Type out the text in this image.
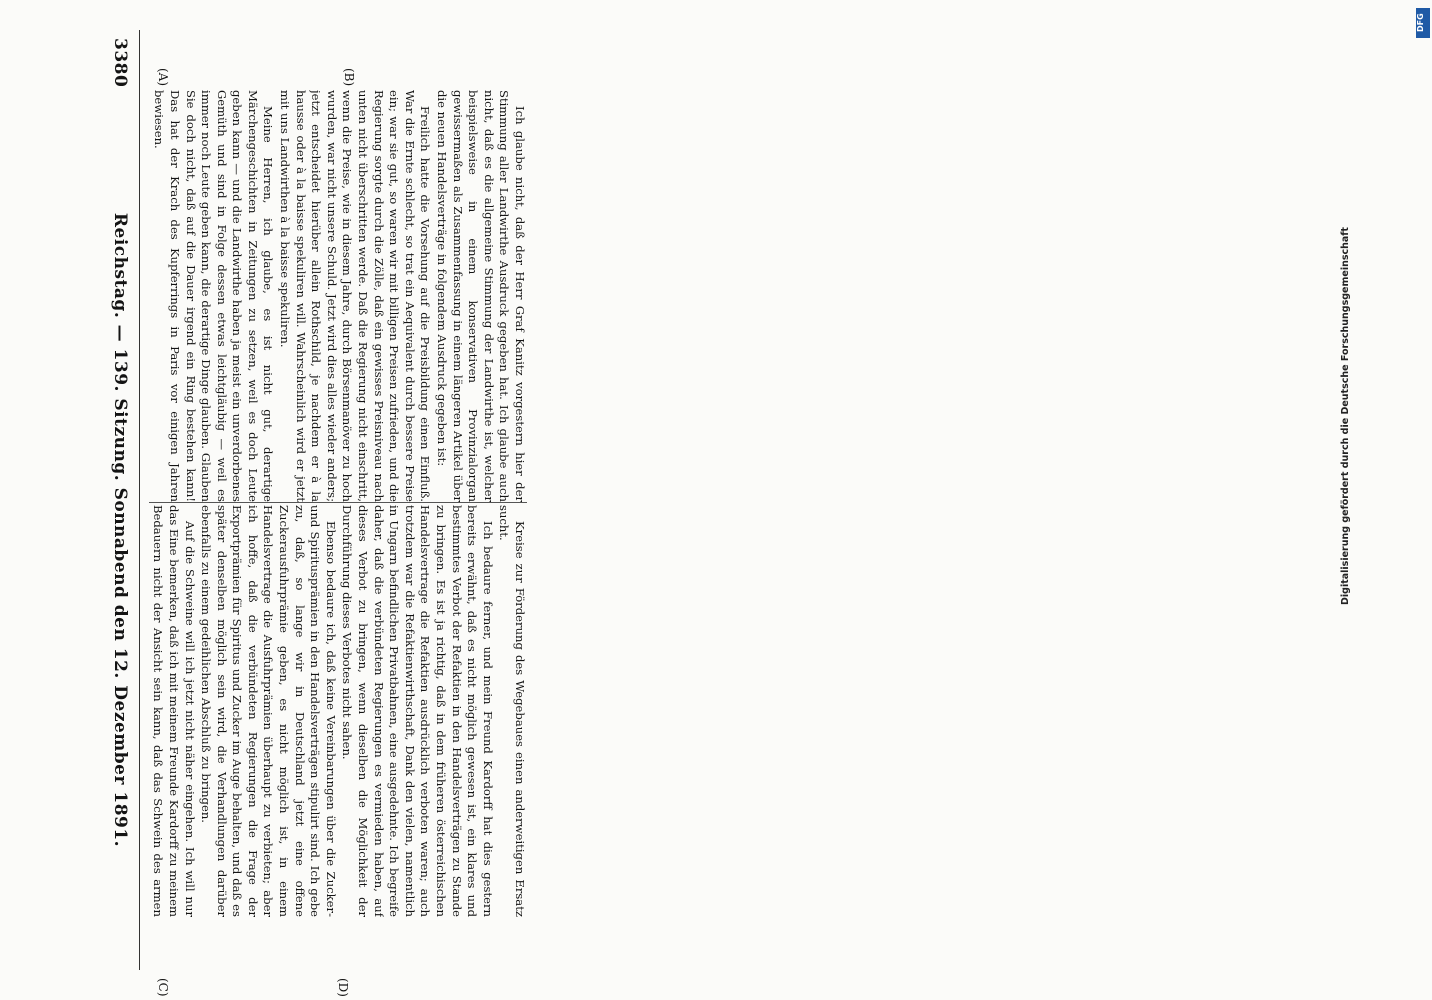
3380
Reichstag. — 139. Sitzung. Sonnabend den 12. Dezember 1891.
(A)	(B)
(C)	(D)

Ich glaube nicht, daß der Herr Graf Kanitz vorgestern hier der Stimmung aller Landwirthe Ausdruck gegeben hat. Ich glaube auch nicht, daß es die allgemeine Stimmung der Landwirthe ist, welcher beispielsweise in einem konservativen Provinzialorgan gewissermaßen als Zusammenfassung in einem längeren Artikel über die neuen Handelsverträge in folgendem Ausdruck gegeben ist:

Freilich hatte die Vorsehung auf die Preisbildung einen Einfluß. War die Ernte schlecht, so trat ein Aequivalent durch bessere Preise ein; war sie gut, so waren wir mit billigen Preisen zufrieden, und die Regierung sorgte durch die Zölle, daß ein gewisses Preisniveau nach unten nicht überschritten werde. Daß die Regierung nicht einschritt, wenn die Preise, wie in diesem Jahre, durch Börsenmanöver zu hoch wurden, war nicht unsere Schuld. Jetzt wird dies alles wieder anders; jetzt entscheidet hierüber allein Rothschild, je nachdem er à la hausse oder à la baisse spekuliren will. Wahrscheinlich wird er jetzt mit uns Landwirthen à la baisse spekuliren.

Meine Herren, ich glaube, es ist nicht gut, derartige Märchengeschichten in Zeitungen zu setzen, weil es doch Leute geben kann — und die Landwirthe haben ja meist ein unverdorbenes Gemüth und sind in Folge dessen etwas leichtgläubig — weil es immer noch Leute geben kann, die derartige Dinge glauben. Glauben Sie doch nicht, daß auf die Dauer irgend ein Ring bestehen kann! Das hat der Krach des Kupferrings in Paris vor einigen Jahren bewiesen.

Kreise zur Förderung des Wegebaues einen anderweitigen Ersatz sucht.

Ich bedaure ferner, und mein Freund Kardorff hat dies gestern bereits erwähnt, daß es nicht möglich gewesen ist, ein klares und bestimmtes Verbot der Refaktien in den Handelsverträgen zu Stande zu bringen. Es ist ja richtig, daß in dem früheren österreichischen Handelsvertrage die Refaktien ausdrücklich verboten waren; auch trotzdem war die Refaktienwirthschaft, Dank den vielen, namentlich in Ungarn befindlichen Privatbahnen, eine ausgedehnte. Ich begreife daher, daß die verbündeten Regierungen es vermieden haben, auf dieses Verbot zu bringen, wenn dieselben die Möglichkeit der Durchführung dieses Verbotes nicht sahen.

Ebenso bedaure ich, daß keine Vereinbarungen über die Zucker- und Spiritusprämien in den Handelsverträgen stipulirt sind. Ich gebe zu, daß, so lange wir in Deutschland jetzt eine offene Zuckerausfuhrprämie geben, es nicht möglich ist, in einem Handelsvertrage die Ausfuhrprämien überhaupt zu verbieten; aber ich hoffe, daß die verbündeten Regierungen die Frage der Exportprämien für Spiritus und Zucker im Auge behalten, und daß es später denselben möglich sein wird, die Verhandlungen darüber ebenfalls zu einem gedeihlichen Abschluß zu bringen.

Auf die Schweine will ich jetzt nicht näher eingehen. Ich will nur das Eine bemerken, daß ich mit meinem Freunde Kardorff zu meinem Bedauern nicht der Ansicht sein kann, daß das Schwein des armen

Digitalisierung gefördert durch die Deutsche Forschungsgemeinschaft
DFG
